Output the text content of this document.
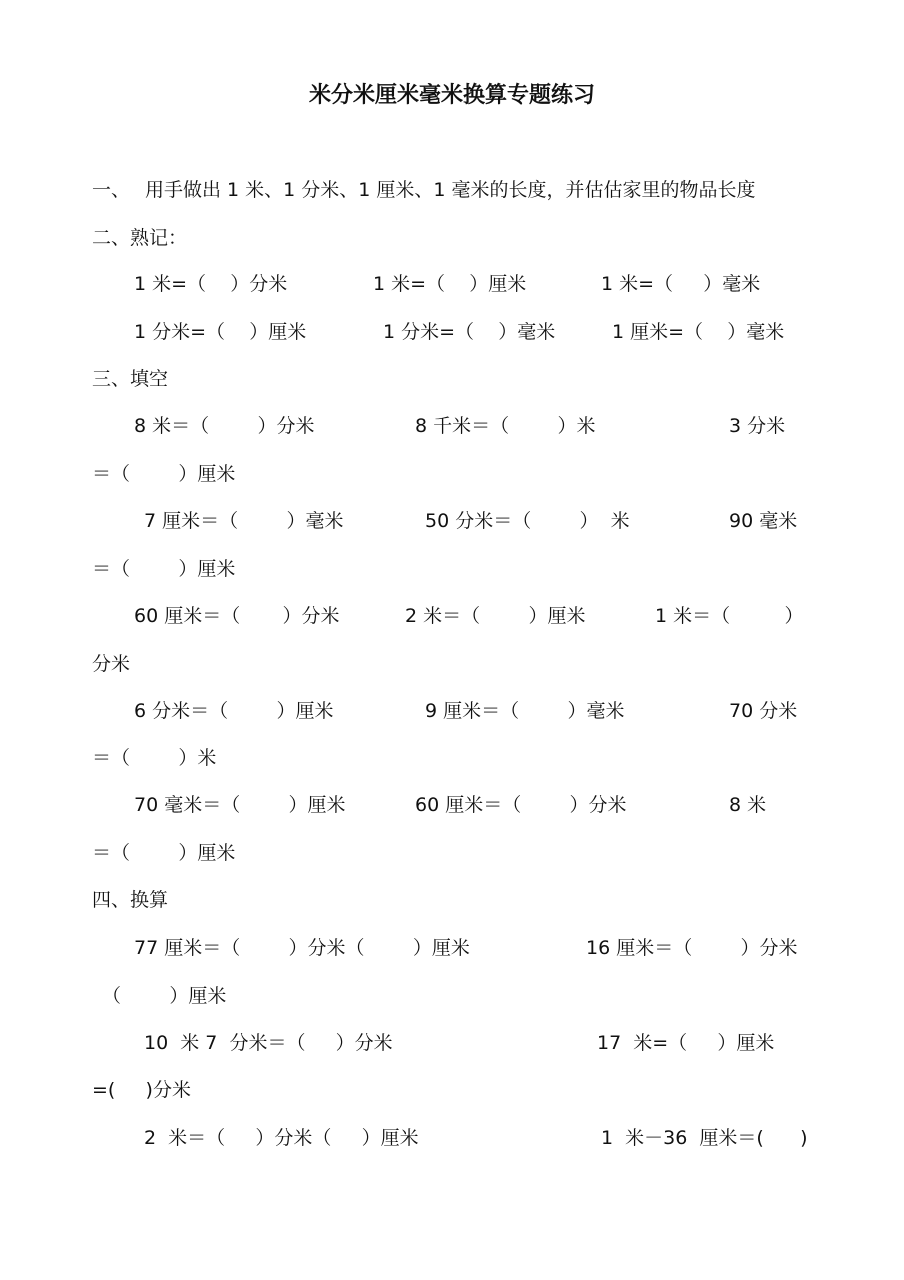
米分米厘米毫米换算专题练习
一、 用手做出 1 米、1 分米、1 厘米、1 毫米的长度，并估估家里的物品长度
二、熟记：
1 米=（    ）分米	1 米=（    ）厘米	1 米=（     ）毫米
1 分米=（    ）厘米	1 分米=（    ）毫米	1 厘米=（    ）毫米
三、填空
8 米＝（        ）分米	8 千米＝（        ）米	3 分米
＝（        ）厘米
7 厘米＝（        ）毫米	50 分米＝（        ）  米	90 毫米
＝（        ）厘米
60 厘米＝（       ）分米	2 米＝（        ）厘米	1 米＝（         ）
分米
6 分米＝（        ）厘米	9 厘米＝（        ）毫米	70 分米
＝（        ）米
70 毫米＝（        ）厘米	60 厘米＝（        ）分米	8 米
＝（        ）厘米
四、换算
77 厘米＝（        ）分米（        ）厘米	16 厘米＝（        ）分米
（        ）厘米
10  米 7  分米＝（     ）分米	17  米=（     ）厘米
=(     )分米
2  米＝（     ）分米（     ）厘米	1  米－36  厘米＝(      )
